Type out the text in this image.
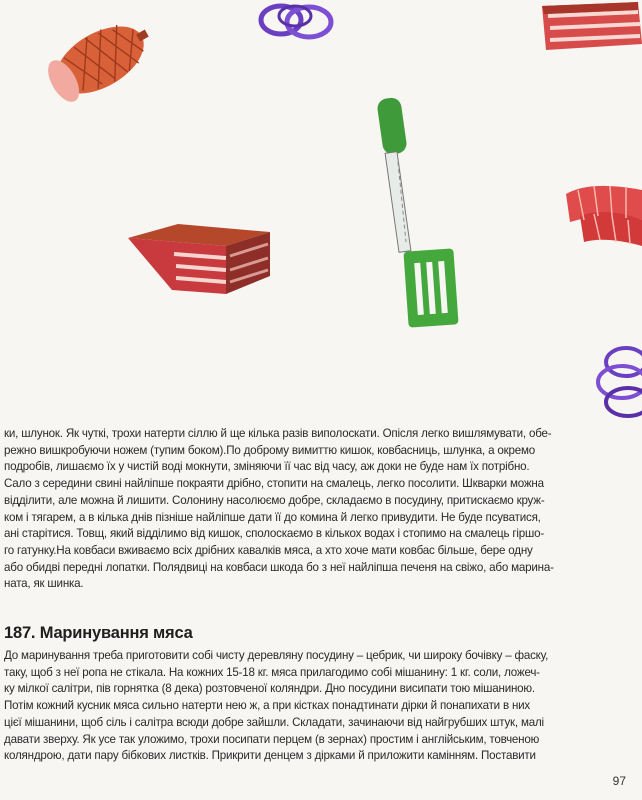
ки, шлунок. Як чуткі, трохи натерти сіллю й ще кілька разів виполоскати. Опісля легко вишлямувати, обе-
режно вишкробуючи ножем (тупим боком).По доброму вимиттю кишок, ковбасниць, шлунка, а окремо
подробів, лишаємо їх у чистій воді мокнути, зміняючи її час від часу, аж доки не буде нам їх потрібно.
Сало з середини свині найліпше покраяти дрібно, стопити на смалець, легко посолити. Шкварки можна
відділити, але можна й лишити. Солонину насолюємо добре, складаємо в посудину, притискаємо круж-
ком і тягарем, а в кілька днів пізніше найліпше дати її до комина й легко привудити. Не буде псуватися,
ані старітися. Товщ, який відділимо від кишок, сполоскаємо в кількох водах і стопимо на смалець гіршо-
го гатунку.На ковбаси вживаємо всіх дрібних кавалків мяса, а хто хоче мати ковбас більше, бере одну
або обидві передні лопатки. Полядвиці на ковбаси шкода бо з неї найліпша печеня на свіжо, або марина-
ната, як шинка.
187. Маринування мяса
До маринування треба приготовити собі чисту деревляну посудину – цебрик, чи широку бочівку – фаску,
таку, щоб з неї ропа не стікала. На кожних 15-18 кг. мяса прилагодимо собі мішанину: 1 кг. соли, ложеч-
ку мілкої салітри, пів горнятка (8 дека) розтовченої коляндри. Дно посудини висипати тою мішаниною.
Потім кожний кусник мяса сильно натерти нею ж, а при кістках понадтинати дірки й понапихати в них
цієї мішанини, щоб сіль і салітра всюди добре зайшли. Складати, зачинаючи від найгрубших штук, малі
давати зверху. Як усе так уложимо, трохи посипати перцем (в зернах) простим і англійським, товченою
коляндрою, дати пару бібкових листків. Прикрити денцем з дірками й приложити камінням. Поставити
97
